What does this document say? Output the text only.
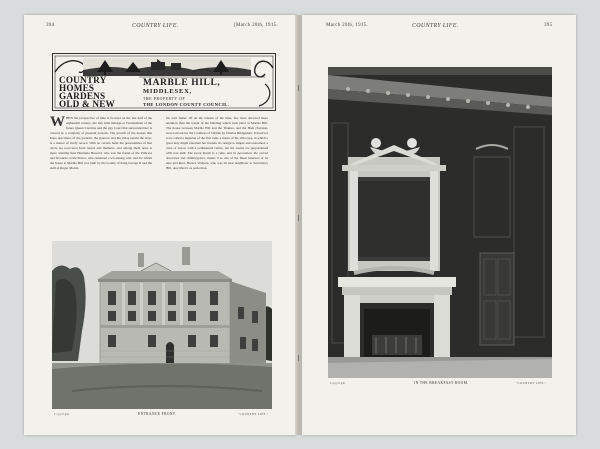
394	COUNTRY LIFE.	[March 20th, 1915.
COUNTRY
HOMES
GARDENS
OLD & NEW
MARBLE HILL,
MIDDLESEX,
THE PROPERTY OF
THE LONDON COUNTY COUNCIL.

WHEN the prospective of time is focused on the last half of the eighteenth century, the tiny little ménage at Twickenham of the future Queen Caroline and the gay Court that surrounded her is viewed as a company of pleasant persons. The growth of the houses that Pope described, of the gardens, the grottoes and the villas beside the river, is a matter of lively record. With no certain hand the personalities of that circle are recovered from letters and memoirs, and among them none is more winning than Henrietta Howard, who was the friend of the Princess and favourite of the Prince, who remained a wit among wits, and for whom the house at Marble Hill was built by the bounty of King George II and the skill of Roger Morris.

his own father. Of all the tenants of the time, few have attracted more attention than the tenant of the building which took place at Marble Hill. The house between Marble Hill and the Thames, and the Ham riverside, were laid out for the Countess of Suffolk by Charles Bridgeman. It deserves to be called a mansion of the first rank, a house of the villa type, in which a great lady might entertain her friends. Its design is simple and restrained, a cube of stucco with a pedimented centre, but the rooms are proportioned with rare skill. The Great Room is a cube, and its decoration, the carved doorcases and chimneypiece, marks it as one of the finest interiors of its date and kind. Horace Walpole, who was its near neighbour at Strawberry Hill, described it as perfection.

Copyright	ENTRANCE FRONT.	"COUNTRY LIFE."
March 20th, 1915.	COUNTRY LIFE.	395
Copyright	IN THE BREAKFAST ROOM.	"COUNTRY LIFE."
